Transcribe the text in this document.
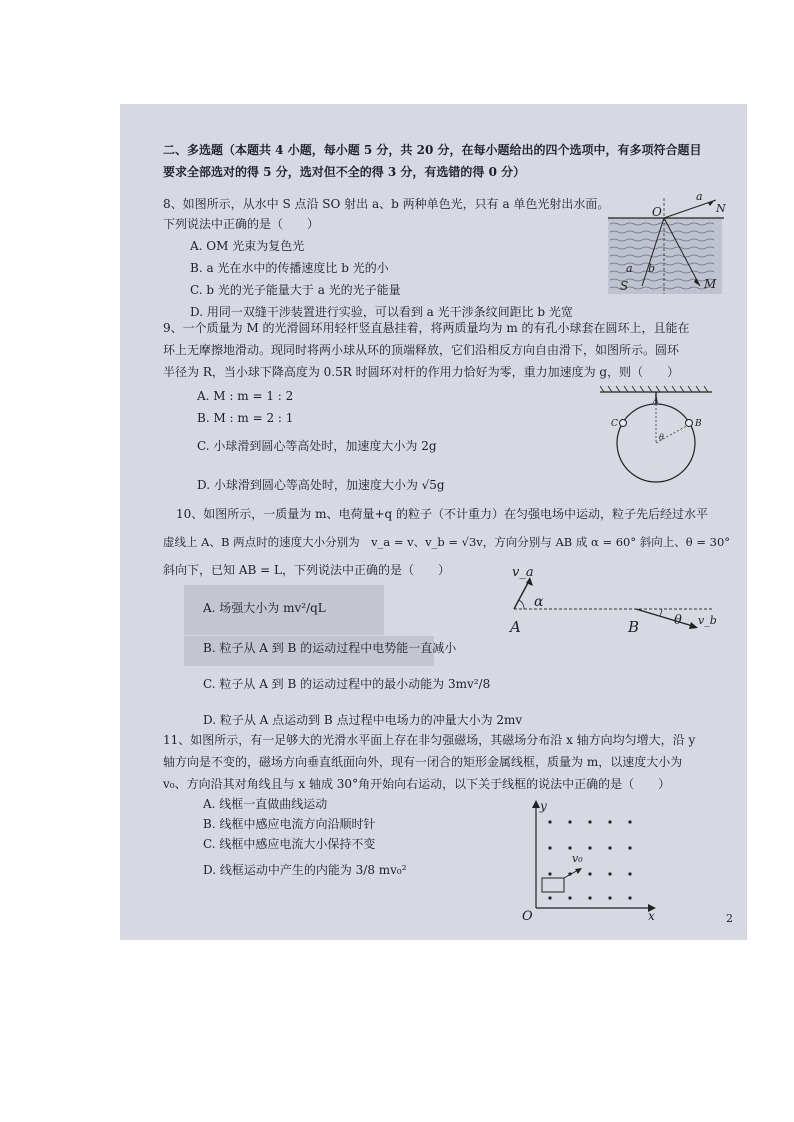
二、多选题（本题共 4 小题，每小题 5 分，共 20 分，在每小题给出的四个选项中，有多项符合题目
要求全部选对的得 5 分，选对但不全的得 3 分，有选错的得 0 分）
8、如图所示，从水中 S 点沿 SO 射出 a、b 两种单色光，只有 a 单色光射出水面。
下列说法中正确的是（　　）
A. OM 光束为复色光
B. a 光在水中的传播速度比 b 光的小
C. b 光的光子能量大于 a 光的光子能量
D. 用同一双缝干涉装置进行实验，可以看到 a 光干涉条纹间距比 b 光宽
O
a
N
a b
S	M
9、一个质量为 M 的光滑圆环用轻杆竖直悬挂着，将两质量均为 m 的有孔小球套在圆环上，且能在
环上无摩擦地滑动。现同时将两小球从环的顶端释放，它们沿相反方向自由滑下，如图所示。圆环
半径为 R，当小球下降高度为 0.5R 时圆环对杆的作用力恰好为零，重力加速度为 g，则（　　）
A. M : m = 1 : 2
B. M : m = 2 : 1
C. 小球滑到圆心等高处时，加速度大小为 2g
D. 小球滑到圆心等高处时，加速度大小为 √5g
A
C	B
θ
10、如图所示，一质量为 m、电荷量+q 的粒子（不计重力）在匀强电场中运动，粒子先后经过水平
虚线上 A、B 两点时的速度大小分别为　v_a = v、v_b = √3v，方向分别与 AB 成 α = 60° 斜向上、θ = 30°
斜向下，已知 AB = L，下列说法中正确的是（　　）
A. 场强大小为 mv²/qL
B. 粒子从 A 到 B 的运动过程中电势能一直减小
C. 粒子从 A 到 B 的运动过程中的最小动能为 3mv²/8
D. 粒子从 A 点运动到 B 点过程中电场力的冲量大小为 2mv
v_a
α
A	B	θ v_b
11、如图所示，有一足够大的光滑水平面上存在非匀强磁场，其磁场分布沿 x 轴方向均匀增大，沿 y
轴方向是不变的，磁场方向垂直纸面向外，现有一闭合的矩形金属线框，质量为 m，以速度大小为
v₀、方向沿其对角线且与 x 轴成 30°角开始向右运动，以下关于线框的说法中正确的是（　　）
A. 线框一直做曲线运动
B. 线框中感应电流方向沿顺时针
C. 线框中感应电流大小保持不变
D. 线框运动中产生的内能为 3/8 mv₀²
y
x
O
v₀
2
